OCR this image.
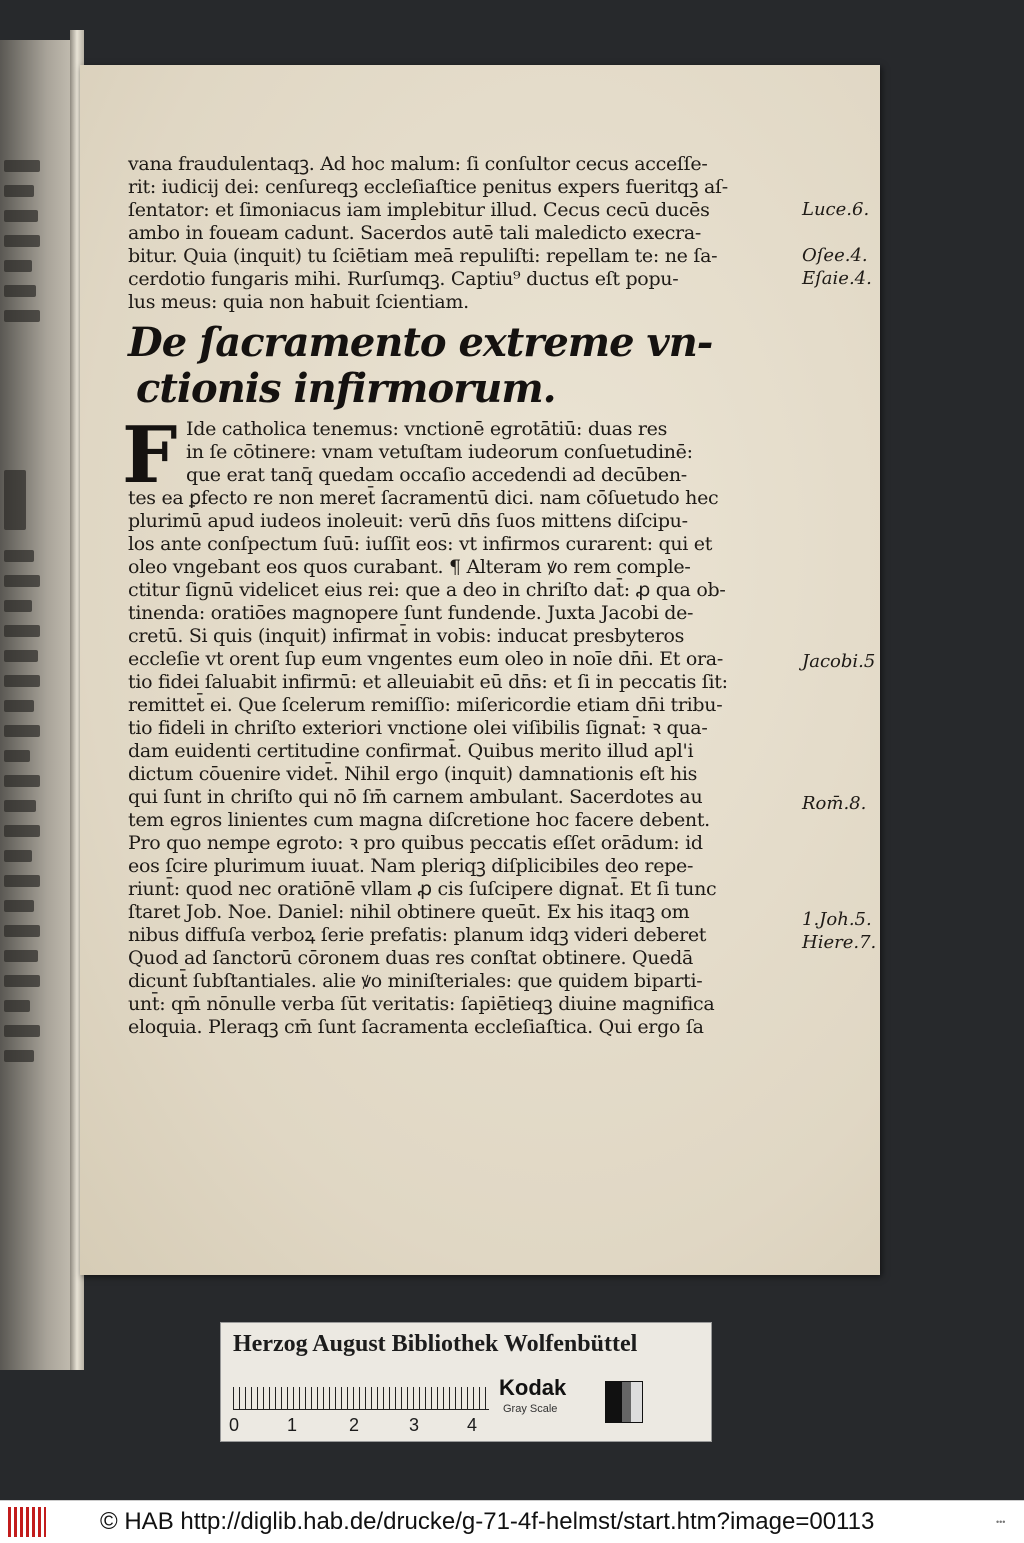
vana fraudulentaqꝫ. Ad hoc malum: ſi conſultor cecus acceſſe-
rit: iudicij dei: cenſureqꝫ eccleſiaſtice penitus expers fueritqꝫ aſ-
ſentator: et ſimoniacus iam implebitur illud. Cecus cecū ducēs
ambo in foueam cadunt. Sacerdos autē tali maledicto execra-
bitur. Quia (inquit) tu ſciētiam meā repuliſti: repellam te: ne ſa-
cerdotio fungaris mihi. Rurſumqꝫ. Captiu⁹ ductus eſt popu-
lus meus: quia non habuit ſcientiam.
De ſacramento extreme vn-
ctionis infirmorum.
F Ide catholica tenemus: vnctionē egrotātiū: duas res
in ſe cōtinere: vnam vetuſtam iudeorum conſuetudinē:
que erat tanq̄ quedam occaſio accedendi ad decūben-
tes ea ꝑfecto re non meret̄ ſacramentū dici. nam cōſuetudo hec
plurimū apud iudeos inoleuit: verū dn̄s ſuos mittens diſcipu-
los ante conſpectum ſuū: iuſſit eos: vt infirmos curarent: qui et
oleo vngebant eos quos curabant. ¶ Alteram ꝟo rem comple-
ctitur ſignū videlicet eius rei: que a deo in chriſto dat̄: ꝓ qua ob-
tinenda: oratiōes magnopere ſunt fundende. Juxta Jacobi de-
cretū. Si quis (inquit) infirmat̄ in vobis: inducat presbyteros
eccleſie vt orent ſup eum vngentes eum oleo in noīe dn̄i. Et ora-
tio fidei ſaluabit infirmū: et alleuiabit eū dn̄s: et ſi in peccatis ſit:
remittet̄ ei. Que ſcelerum remiſſio: miſericordie etiam dn̄i tribu-
tio fideli in chriſto exteriori vnctione olei viſibilis ſignat̄: ꝛ qua-
dam euidenti certitudine confirmat̄. Quibus merito illud apl'i
dictum cōuenire videt̄. Nihil ergo (inquit) damnationis eſt his
qui ſunt in chriſto qui nō ſm̄ carnem ambulant. Sacerdotes au
tem egros linientes cum magna diſcretione hoc facere debent.
Pro quo nempe egroto: ꝛ pro quibus peccatis eſſet orādum: id
eos ſcire plurimum iuuat. Nam pleriqꝫ diſplicibiles deo repe-
riunt̄: quod nec oratiōnē vllam ꝓ cis ſuſcipere dignat̄. Et ſi tunc
ſtaret Job. Noe. Daniel: nihil obtinere queūt. Ex his itaqꝫ om
nibus diffuſa verboꝝ ſerie prefatis: planum idqꝫ videri deberet
Quod ad ſanctorū cōronem duas res conſtat obtinere. Quedā
dicunt̄ ſubſtantiales. alie ꝟo miniſteriales: que quidem biparti-
unt̄: qm̄ nōnulle verba ſūt veritatis: ſapiētieqꝫ diuine magnifica
eloquia. Pleraqꝫ cm̄ ſunt ſacramenta eccleſiaſtica. Qui ergo ſa
Luce.6.
Oſee.4.
Eſaie.4.
Jacobi.5
Rom̄.8.
1.Joh.5.
Hiere.7.
Herzog August Bibliothek Wolfenbüttel
0	1	2	3	4
Kodak
Gray Scale
© HAB http://diglib.hab.de/drucke/g-71-4f-helmst/start.htm?image=00113	•••
